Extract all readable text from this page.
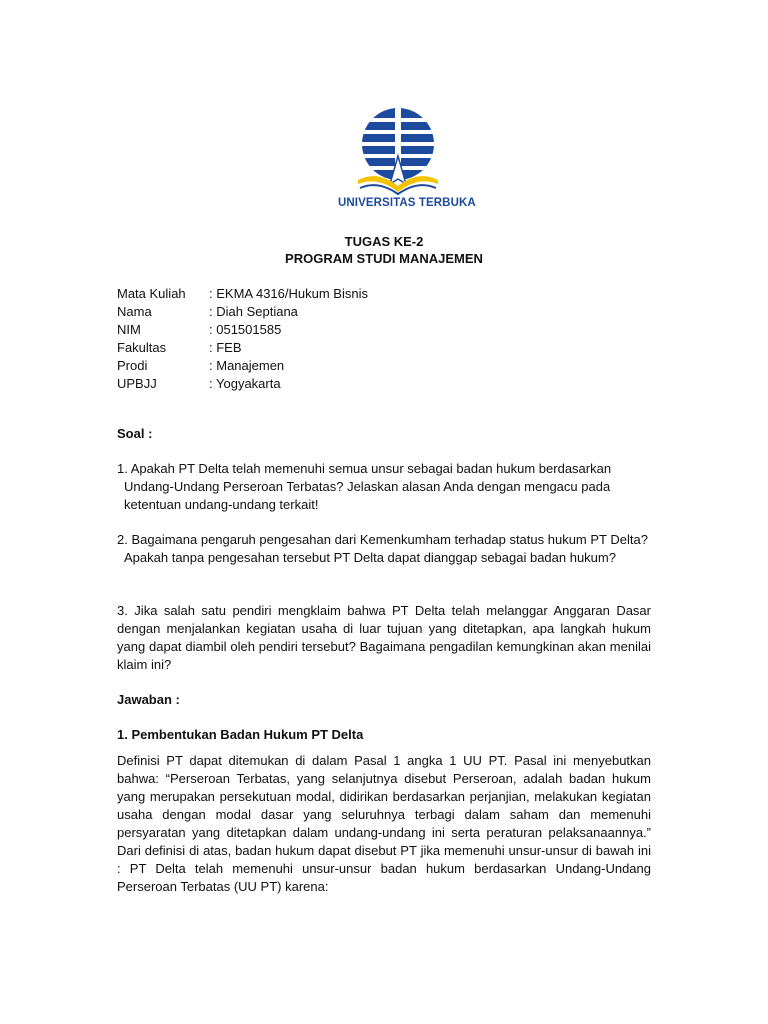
UNIVERSITAS TERBUKA
TUGAS KE-2
PROGRAM STUDI MANAJEMEN
Mata Kuliah	: EKMA 4316/Hukum Bisnis
Nama	: Diah Septiana
NIM	: 051501585
Fakultas	: FEB
Prodi	: Manajemen
UPBJJ	: Yogyakarta
Soal :
1. Apakah PT Delta telah memenuhi semua unsur sebagai badan hukum berdasarkan Undang-Undang Perseroan Terbatas? Jelaskan alasan Anda dengan mengacu pada ketentuan undang-undang terkait!
2. Bagaimana pengaruh pengesahan dari Kemenkumham terhadap status hukum PT Delta? Apakah tanpa pengesahan tersebut PT Delta dapat dianggap sebagai badan hukum?
3. Jika salah satu pendiri mengklaim bahwa PT Delta telah melanggar Anggaran Dasar dengan menjalankan kegiatan usaha di luar tujuan yang ditetapkan, apa langkah hukum yang dapat diambil oleh pendiri tersebut? Bagaimana pengadilan kemungkinan akan menilai klaim ini?
Jawaban :
1. Pembentukan Badan Hukum PT Delta
Definisi PT dapat ditemukan di dalam Pasal 1 angka 1 UU PT. Pasal ini menyebutkan bahwa: “Perseroan Terbatas, yang selanjutnya disebut Perseroan, adalah badan hukum yang merupakan persekutuan modal, didirikan berdasarkan perjanjian, melakukan kegiatan usaha dengan modal dasar yang seluruhnya terbagi dalam saham dan memenuhi persyaratan yang ditetapkan dalam undang-undang ini serta peraturan pelaksanaannya.” Dari definisi di atas, badan hukum dapat disebut PT jika memenuhi unsur-unsur di bawah ini : PT Delta telah memenuhi unsur-unsur badan hukum berdasarkan Undang-Undang Perseroan Terbatas (UU PT) karena:
